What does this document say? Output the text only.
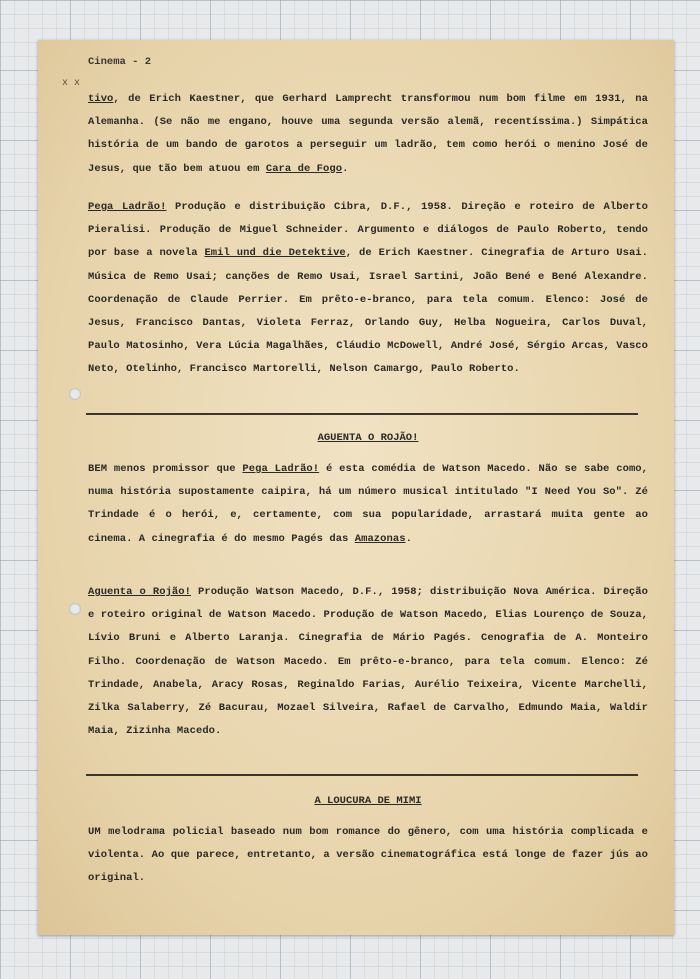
Cinema - 2
x x
tivo, de Erich Kaestner, que Gerhard Lamprecht transformou num bom filme em 1931, na Alemanha. (Se não me engano, houve uma segunda versão alemã, recentíssima.) Simpática história de um bando de garotos a perseguir um ladrão, tem como herói o menino José de Jesus, que tão bem atuou em Cara de Fogo.
Pega Ladrão! Produção e distribuição Cibra, D.F., 1958. Direção e roteiro de Alberto Pieralisi. Produção de Miguel Schneider. Argumento e diálogos de Paulo Roberto, tendo por base a novela Emil und die Detektive, de Erich Kaestner. Cinegrafia de Arturo Usai. Música de Remo Usai; canções de Remo Usai, Israel Sartini, João Bené e Bené Alexandre. Coordenação de Claude Perrier. Em prêto-e-branco, para tela comum. Elenco: José de Jesus, Francisco Dantas, Violeta Ferraz, Orlando Guy, Helba Nogueira, Carlos Duval, Paulo Matosinho, Vera Lúcia Magalhães, Cláudio McDowell, André José, Sérgio Arcas, Vasco Neto, Otelinho, Francisco Martorelli, Nelson Camargo, Paulo Roberto.
AGUENTA O ROJÃO!
BEM menos promissor que Pega Ladrão! é esta comédia de Watson Macedo. Não se sabe como, numa história supostamente caipira, há um número musical intitulado "I Need You So". Zé Trindade é o herói, e, certamente, com sua popularidade, arrastará muita gente ao cinema. A cinegrafia é do mesmo Pagés das Amazonas.
Aguenta o Rojão! Produção Watson Macedo, D.F., 1958; distribuição Nova América. Direção e roteiro original de Watson Macedo. Produção de Watson Macedo, Elias Lourenço de Souza, Lívio Bruni e Alberto Laranja. Cinegrafia de Mário Pagés. Cenografia de A. Monteiro Filho. Coordenação de Watson Macedo. Em prêto-e-branco, para tela comum. Elenco: Zé Trindade, Anabela, Aracy Rosas, Reginaldo Farias, Aurélio Teixeira, Vicente Marchelli, Zilka Salaberry, Zé Bacurau, Mozael Silveira, Rafael de Carvalho, Edmundo Maia, Waldir Maia, Zizinha Macedo.
A LOUCURA DE MIMI
UM melodrama policial baseado num bom romance do gênero, com uma história complicada e violenta. Ao que parece, entretanto, a versão cinematográfica está longe de fazer jús ao original.
